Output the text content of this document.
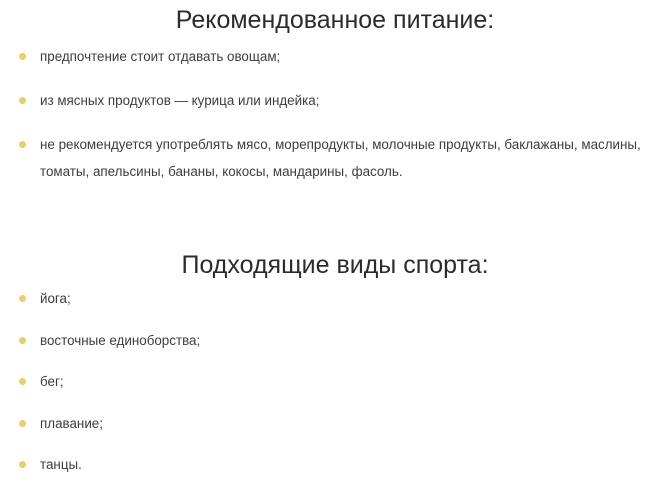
Рекомендованное питание:
предпочтение стоит отдавать овощам;
из мясных продуктов — курица или индейка;
не рекомендуется употреблять мясо, морепродукты, молочные продукты, баклажаны, маслины, томаты, апельсины, бананы, кокосы, мандарины, фасоль.
Подходящие виды спорта:
йога;
восточные единоборства;
бег;
плавание;
танцы.
